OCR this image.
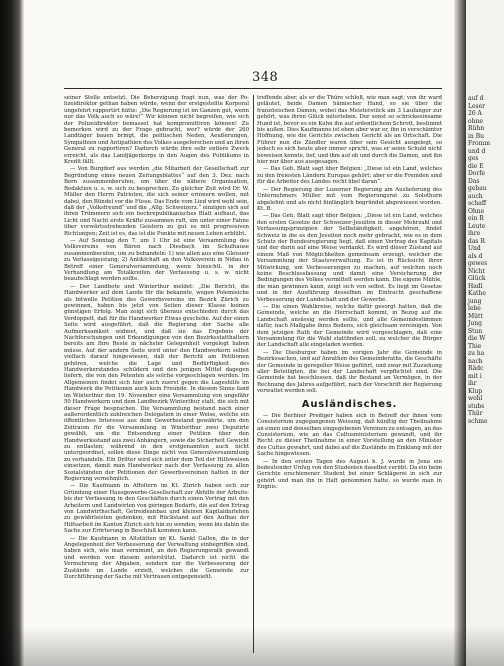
348

seiner Stelle entsetzt. Die Beherzigung fragt nun, was der Po-lizeidirektor gethan haben würde, wenn der erstgestellte Korporal ungefehrt rapportirt hätte: „Die Regierung ist im Ganzen gut, wenn nur das Volk auch so wäre!“ Wir können nicht begreifen, wie sich der Polizeidirektor bemasset hat kompromittiren können! Zu bemerken wird zu der Frage gebracht, wer? würde der 260 Landtäger bauen bringt, die politischen Neden, Aeußerungen, Sympathien und Antipathien des Volkes ausgeforschen und an ihren General zu rapportiren? Dadurch würde ihre sehr entlere Zweck erreicht, als das Landjägerkorps in den Augen des Publikums in Kredit fällt.

— Von Burgdorf aus werden „die Mitarbeit der Gesellschaft zur Begründung eines neuen Zeitungsblattes“ auf den 3. Dez. nach Bern zusammenberufen, um über die nähere Organisation, Redaktion u. s. w. sich zu besprechen. Zu gleicher Zeit wird Dr. W. Müller den Herrn Patrioten, die sich seiner erinnern wollen, mit dabei, den Bündel vor die Füsse. Das Ende vom Lied wird wohl sein, daß der „Volksfreund“ und die „Allg. Schweizerz.“ einzigen sich auf ihren Trümmern sich ein hochrepublikanisches Blatt aufbaut, das Licht und Nacht erste Kräfte zusammen ruft, um unter einer Fahne über vorwärtsstrebenden Geistern zu gut es mit progressiven Richtungen; Zeit ist es, das ist die Punkte mit neuen Leben erblüht.

— Auf Sonntag den 7. um 1 Uhr ist eine Versammlung des Volksvereins von Bären nach Diesbach im Schulhause zusammenberufen, um zu behandeln: 1) wie allen aus eine Gleisuer zu Verlassigeistung; 2) Antikfchaft an den Volksverein in Nidau in Betreff einer Generalversammlung, wenn hinsichtl. in der Verhandlung am Totalkreifen der Verfassung u. s. w. nicht beaufschlagt werden sollte.

— Der Landbote und Winterthur meldet: „Die Bericht, die Handwerker auf dem Lande für die bekannte, wegen Polemisiche als bitwelle Petition des Gewerbsvereins im Bezirk Zürich zu gewinnen, haben bis jetzt von Seiten dieser Klasse keinen günstigen Erfolg. Man zeigt sich überaus entschieden durch das Verdoppelt, daß für die Handwerker Etwas geschehe. Auf der einen Seite wird ausgeführt, daß die Regierung der Sache alle Aufmerksamkeit widmet, und daß sie das Ergebnis der Nachforschungen und Erkundigungen von den Bezirksstatthaltern bereits am Ihre Reste in nächster Gelegenheit vorgelegt haben müsse. Auf der andern Seite wird unter den Handwerkern selbst vielfach darauf hingewiesen, daß der Bericht am Petitionen gehören, welche die Lage und Bedürftigkeit des Handwerkerstandes schildern und den jenigen Mittel dagegen liefern, die von den Petenten als solche vorgeschlagen werden. Im Allgemeinen findet sich hier auch zuerst gegen die Lageshilfe im Handwerk die Petitionen auch kein Freunde. In diesem Sinne fand im Winterthur den 19. November eine Versammlung von ungefähr 50 Handwerkern und dem Landbezirk Winterthur statt, die sich mit dieser Frage besprachen. Die Versammlung bestand nach einer außerordentlich zahlreichen Delegation in einer Weise, welche ein öffentliches Interesse aus dem Gewerbsstand gewährte, um den Zeitraum für die Versammlung in Winterthur zwei Deputirte gewählt, um die Entsendung einer Petition über den Handwerksstand aus zwei Anhängern, sowie die Sicherheit Gewicht zu entlasten; während in den erstgenannten auch nicht untergeordnet, sollen diese Dinge nicht von Generalversammlung zu verhandeln. Ein Dritter wird sich unter dem Teil der Hilfsweisen einsetzen, damit man Handwerker nach der Verfassung zu allen Sozialständen der Petitionen der Gewerbsvereinen hatten in der Regierung vernehmlich.

— Die Kaufmann in Affoltern im Kt. Zürich haben sich zur Gründung einer Hausgewerbe-Gesellschaft zur Abhilfe der Arbeits- bis der Verfassung in den Geschäften durch einen Vertrag mit den Arbeitern und Landwirten von geringen Bedarfs, die auf den Ertrag von Landwirthschaft, Getreideanbau und kleinen Kapitaldarlehen zu gewährleisten gedenken, mit Rückstand auf den Aufbau der Hilfsarbeit im Kanton Zürich sich hin zu wenden, wenn bis dahin die Sache zur Erörterung in Beschluß kommen kann.

— Die Kaufmann in Altstätten im Kt. Sankt Gallen, die in der Angelegenheit der Verbesserung der Verwaltung einbegriffen sind, haben sich, wie man vernimmt, an den Regierungsrath gewandt und werden von diesem unterstützt. Dadurch ist nicht die Vermehrung der Abgaben, sondern nur die Verbesserung der Zustände im Lande erzielt, welches die Gemeinde zur Durchführung der Sache mit Vertrauen entgegensieht.

treffende aber, als er die Thüre schloß, wie man sagt, von ihr ward geläutet, beide Damen hämischer Hand, so sie über die französischen Damen, wobei das Meisterstück am 3 Laufanger zur gehört, was ihren Glück miterleben. Der sonst so schrickeeinsame Hund ist, bevor es ein Kuhn ihn auf ordentlichem Schrott, bestimmt bis außen. Dies Kaufmanns ist eben aber war er, ihn in verschämter Hoffnung, wie die Gerichts zwischen Gericht als an Ortschaft. Die Führer nun die Zündler waren über sein Gesicht ausgelegt, so jedoch es sich heute aber immer spricht, was er seine Schuld nicht beweisen konnte, lief, und ihm auf ob und durch die Damen, und ihn hier nur über aus ausgesagen.

— Das Geh. Blatt sagt über Belgien: „Diese ist ein Land, welches zu den freiesten Ländern Europas gehört; aber er die Fremden sind für die Arbeiter des Landes recht übel daran“.

— Der Regierung der Luzerner Regierung am Auslieferung des Unternehmers Müller mit vom Regierungsrat zu Solothurn abgelehnt und als nicht hinlänglich begründet abgewiesen worden. Kt. B.

— Das Geh. Blatt sagt über Belgien: „Diese ist ein Land, welches den ersten Gesetze der Schweizer-Jesuiten in dieser Mehrzahl und Verfassungsprinzipien der Selbständigkeit, angehören, findet Schweiz in die es den Jesuiten noch mehr gebracht, wie es in dem Schutz der Bundesregierung liegt, daß einen Vertrag des Kapitals und der darin auf eine Weise verdankt. Es wird dieser Zustand auf einem Maß von Möglichkeiten gemeinsam erzeugt, welcher die Versammlung der Staatsverwaltung. Es ist in Rücksicht ihrer Mitwirkung, um Verbesserungen zu machen, auf welchen noch keine Beschlussfassung und damit eine Versicherung der Bedingungen des Volkes vermittelt werden kann. Die eigene Mühle, die man gewinnen kann, zeigt sich von selbst. Es liegt im Gesetze und in der Ausführung desselben im Eintracht geschaffene Verbesserung der Landschaft und der Gewerbe.

— Die einen Wahlkreise, welche dafür gesorgt hatten, daß die Gemeinde, welche an die Herrschaft kommt, in Bezug auf die Landschaft ansässig werden sollte, und alle Gemeindestimmen dafür, nach Maßgabe ihres Bodens, sich gleichsam vereinigen. Von dem jetzigen Rath der Gemeinde wird vorgeschlagen, daß eine Versammlung für die Wahl stattfinden soll, zu welcher die Bürger der Landschaft alle eingeladen werden.

— Die Diesburger haben im vorigen Jahr die Gemeinde in Bezirkssachen, und auf Anrathen des Gemeinderaths, die Geschäfte der Gemeinde in geregelter Weise geführt, und zwar mit Zuziehung aller Beteiligten, die bei der Landschaft verpflichtet sind. Die Gemeinde hat beschlossen, daß ihr Bestand an Vermögen, in der Rechnung des Jahres aufgeführt, nach der Vorschrift der Regierung verwaltet werden soll.

Ausländisches.

— Die Berliner Prediger haben sich in Betreff der ihnen vom Consistorium zugegangenen Weisung, daß künftig der Theilnahme an einen und denselben eingegebenen Vereinen zu entsagen, an das Consistorium, wie an das Cultusministerium gewandt, und ihr Recht zu dieser Theilnahme in einer Vorstellung an den Minister des Cultus gewahrt, und dabei auf die Zustände im Einklang mit der Sache hingewiesen.

— In den ersten Tagen des August h. J. wurde in Jena ein bedeutender Unfug von den Studenten daselbst verübt. Da ein beim Gerichte erschienener Student bei einer Schlägerei in sich zur gehört und man ihn in Haft genommen hatte, so wurde man in Engnis.

auf d
Leser
26 A
ohne
Rühn
in Bu
Fromm
und d
ges
die E
Dorfe
Das
gebau
auch
schaff
Ohne
ein R
Leute
ihre
das R
Und
als d
gewes
Nicht
Glück
Hadl
Kathe
jung
lebe
Mütt
Jung
Stun
die W
Thie
zu ha
nach
Rädc
mit i
ihr
Klup
wohl
stubs
Thür
schme
